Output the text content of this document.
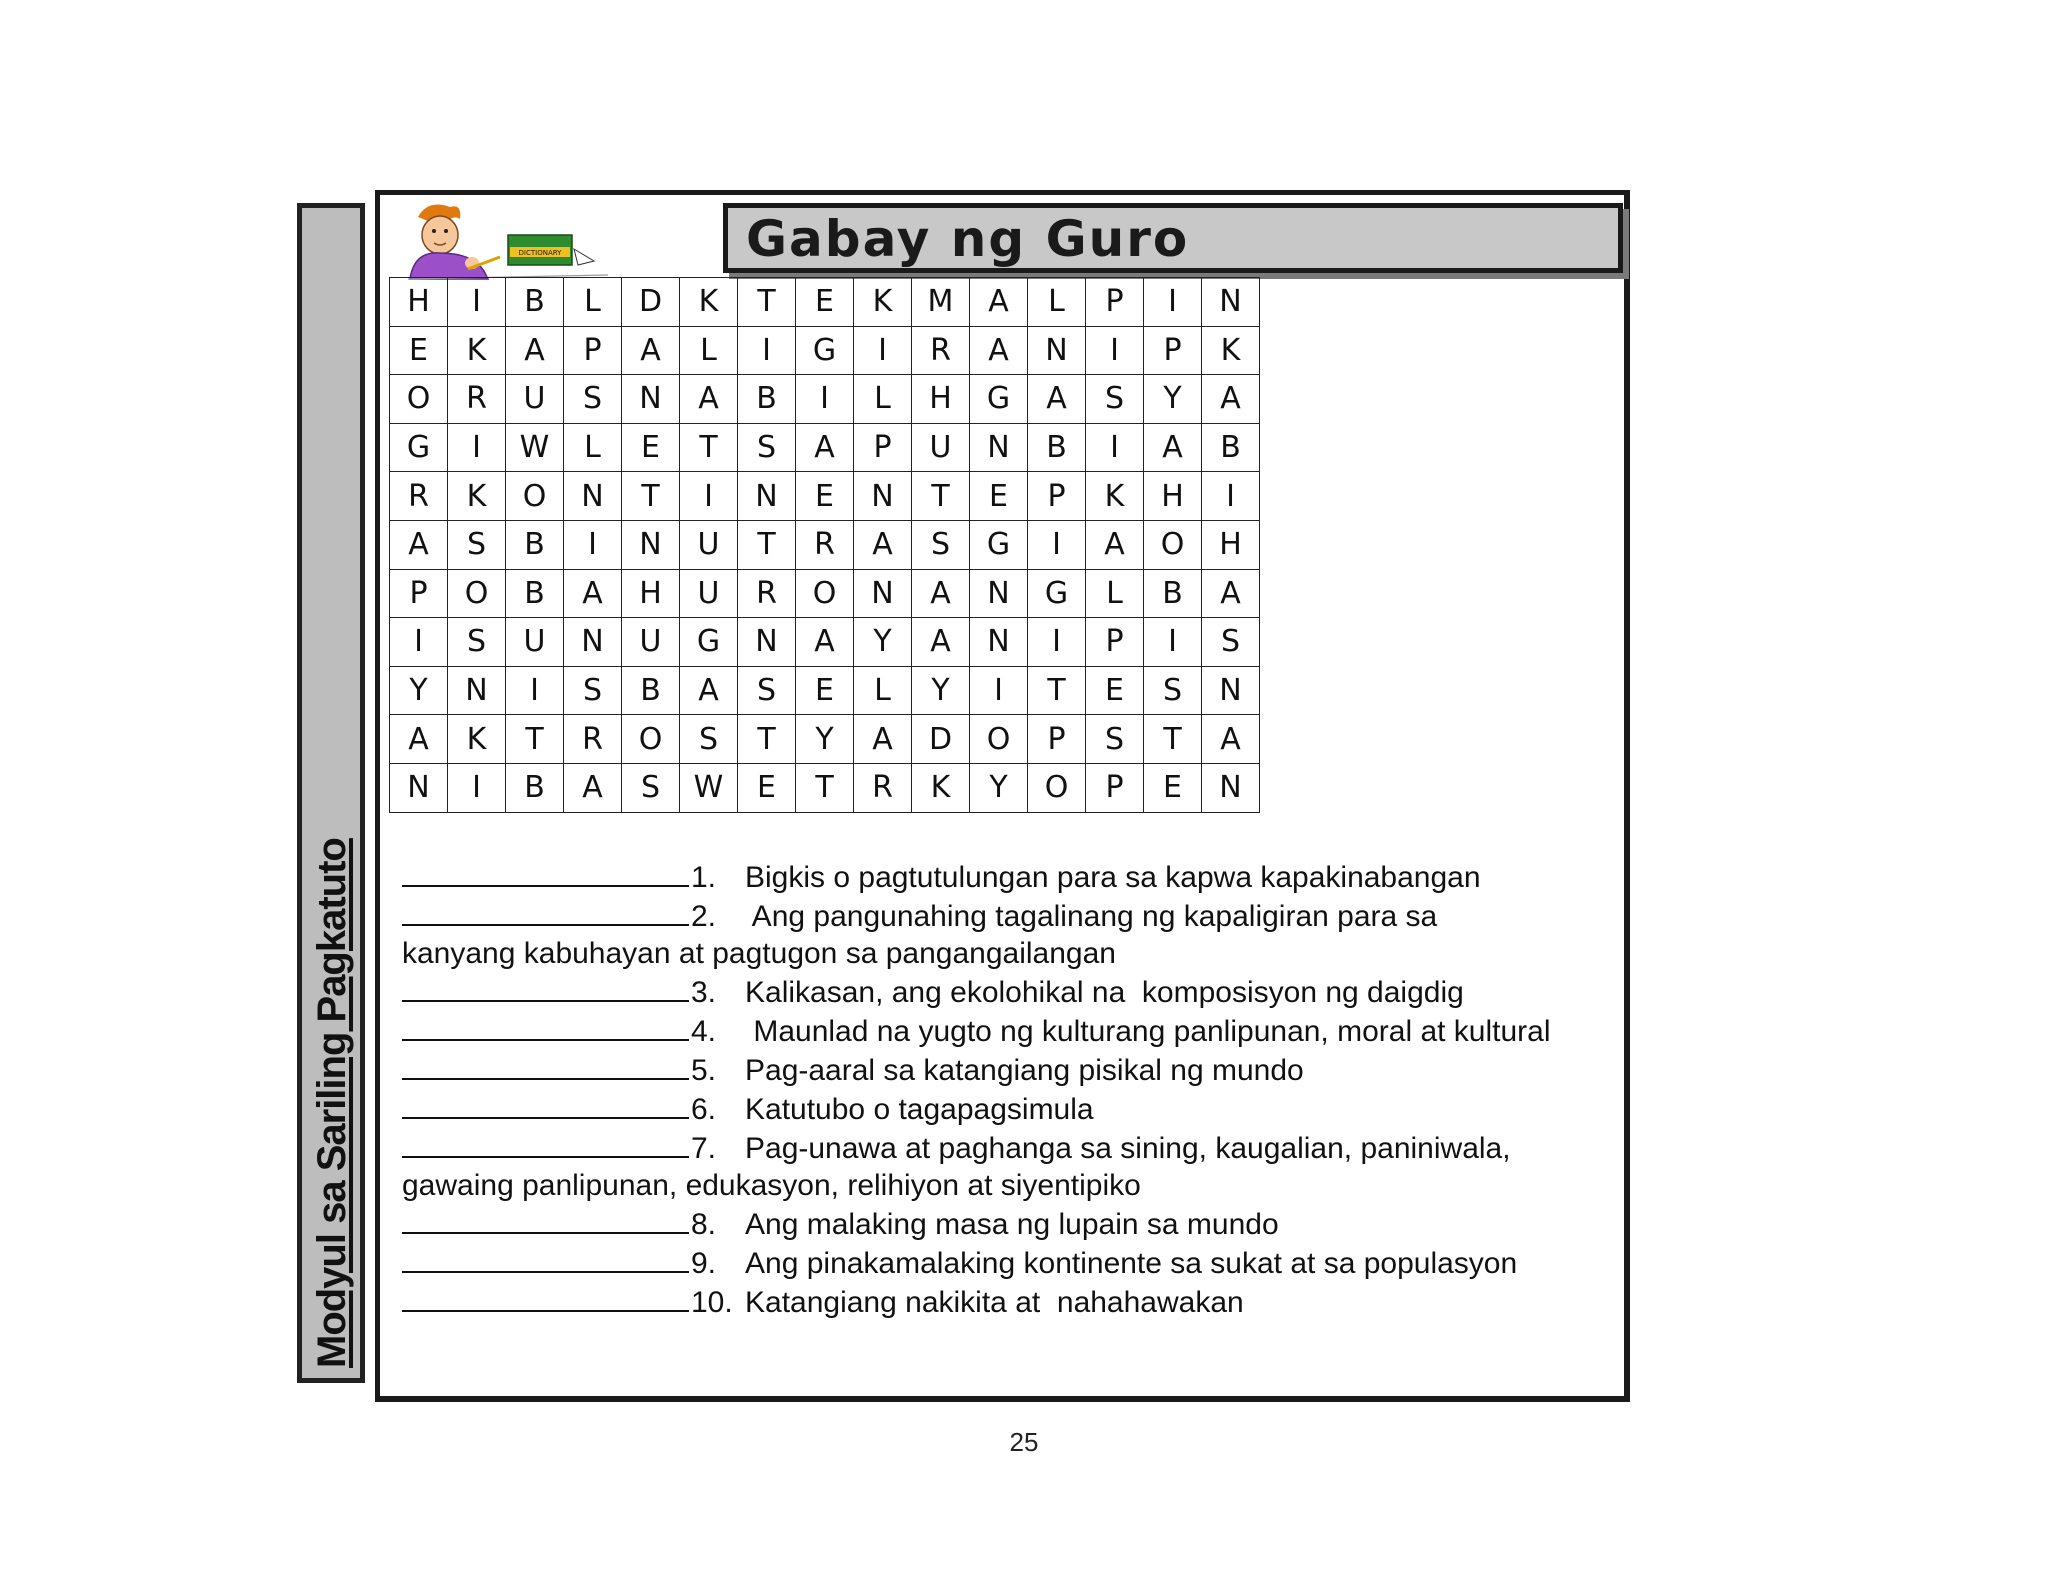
Modyul sa Sariling Pagkatuto
DICTIONARY	Gabay ng Guro
H	I	B	L	D	K	T	E	K	M	A	L	P	I	N
E	K	A	P	A	L	I	G	I	R	A	N	I	P	K
O	R	U	S	N	A	B	I	L	H	G	A	S	Y	A
G	I	W	L	E	T	S	A	P	U	N	B	I	A	B
R	K	O	N	T	I	N	E	N	T	E	P	K	H	I
A	S	B	I	N	U	T	R	A	S	G	I	A	O	H
P	O	B	A	H	U	R	O	N	A	N	G	L	B	A
I	S	U	N	U	G	N	A	Y	A	N	I	P	I	S
Y	N	I	S	B	A	S	E	L	Y	I	T	E	S	N
A	K	T	R	O	S	T	Y	A	D	O	P	S	T	A
N	I	B	A	S	W	E	T	R	K	Y	O	P	E	N
1. Bigkis o pagtutulungan para sa kapwa kapakinabangan
2. Ang pangunahing tagalinang ng kapaligiran para sa
kanyang kabuhayan at pagtugon sa pangangailangan
3. Kalikasan, ang ekolohikal na  komposisyon ng daigdig
4. Maunlad na yugto ng kulturang panlipunan, moral at kultural
5. Pag-aaral sa katangiang pisikal ng mundo
6. Katutubo o tagapagsimula
7. Pag-unawa at paghanga sa sining, kaugalian, paniniwala,
gawaing panlipunan, edukasyon, relihiyon at siyentipiko
8. Ang malaking masa ng lupain sa mundo
9. Ang pinakamalaking kontinente sa sukat at sa populasyon
10. Katangiang nakikita at  nahahawakan
25
